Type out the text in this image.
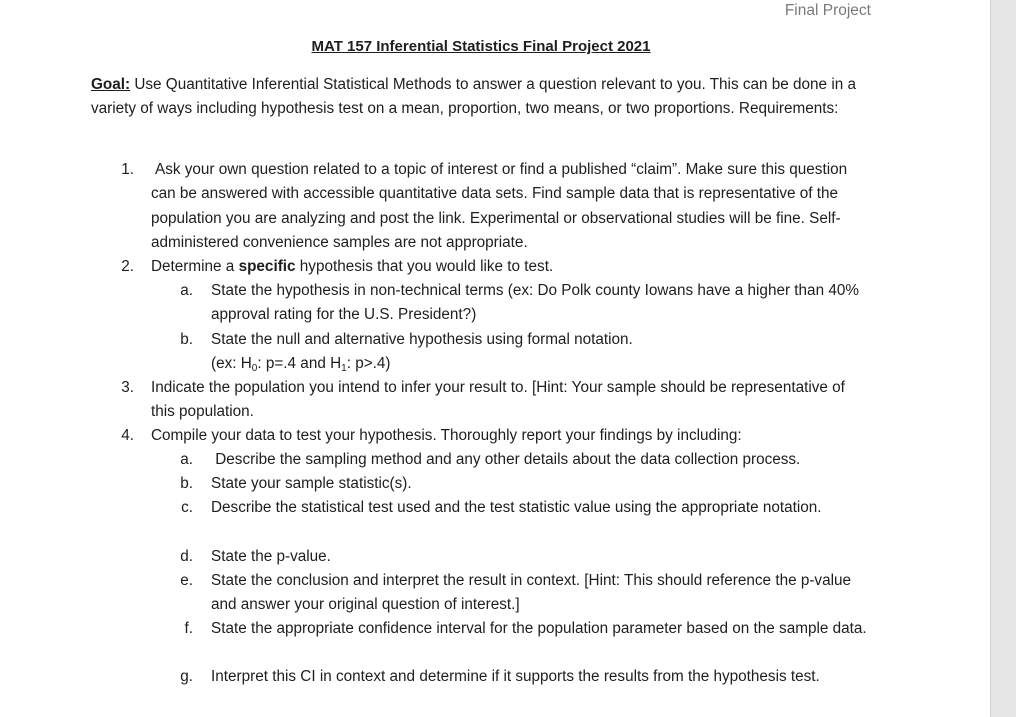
Final Project
MAT 157 Inferential Statistics Final Project 2021
Goal: Use Quantitative Inferential Statistical Methods to answer a question relevant to you. This can be done in a variety of ways including hypothesis test on a mean, proportion, two means, or two proportions. Requirements:
1. Ask your own question related to a topic of interest or find a published “claim”. Make sure this question can be answered with accessible quantitative data sets. Find sample data that is representative of the population you are analyzing and post the link. Experimental or observational studies will be fine. Self-administered convenience samples are not appropriate.
2. Determine a specific hypothesis that you would like to test.
a. State the hypothesis in non-technical terms (ex: Do Polk county Iowans have a higher than 40% approval rating for the U.S. President?)
b. State the null and alternative hypothesis using formal notation.
(ex: $H_0$: p=.4 and $H_1$: p>.4)
3. Indicate the population you intend to infer your result to. [Hint: Your sample should be representative of this population.
4. Compile your data to test your hypothesis. Thoroughly report your findings by including:
a. Describe the sampling method and any other details about the data collection process.
b. State your sample statistic(s).
c. Describe the statistical test used and the test statistic value using the appropriate notation.
d. State the p-value.
e. State the conclusion and interpret the result in context. [Hint: This should reference the p-value and answer your original question of interest.]
f. State the appropriate confidence interval for the population parameter based on the sample data.
g. Interpret this CI in context and determine if it supports the results from the hypothesis test.
